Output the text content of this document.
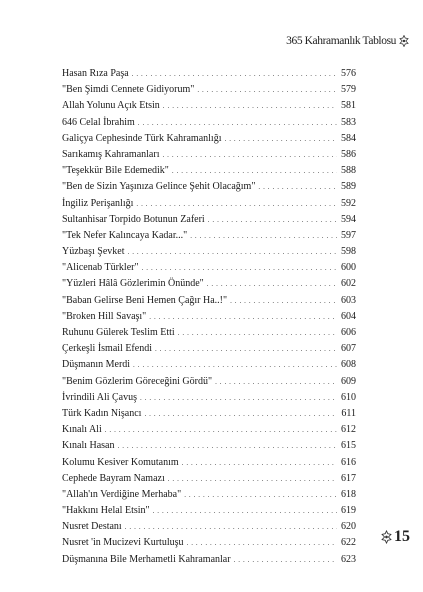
365 Kahramanlık Tablosu
Hasan Rıza Paşa . . .	576
"Ben Şimdi Cennete Gidiyorum" . . .	579
Allah Yolunu Açık Etsin . . .	581
646 Celal İbrahim . . .	583
Galiçya Cephesinde Türk Kahramanlığı . . .	584
Sarıkamış Kahramanları . . .	586
"Teşekkür Bile Edemedik" . . .	588
"Ben de Sizin Yaşınıza Gelince Şehit Olacağım" . . .	589
İngiliz Perişanlığı . . .	592
Sultanhisar Torpido Botunun Zaferi . . .	594
"Tek Nefer Kalıncaya Kadar..." . . .	597
Yüzbaşı Şevket . . .	598
"Alicenab Türkler" . . .	600
"Yüzleri Hâlâ Gözlerimin Önünde" . . .	602
"Baban Gelirse Beni Hemen Çağır Ha..!" . . .	603
"Broken Hill Savaşı" . . .	604
Ruhunu Gülerek Teslim Etti . . .	606
Çerkeşli İsmail Efendi . . .	607
Düşmanın Merdi . . .	608
"Benim Gözlerim Göreceğini Gördü" . . .	609
İvrindili Ali Çavuş . . .	610
Türk Kadın Nişancı . . .	611
Kınalı Ali . . .	612
Kınalı Hasan . . .	615
Kolumu Kesiver Komutanım . . .	616
Cephede Bayram Namazı . . .	617
"Allah'ın Verdiğine Merhaba" . . .	618
"Hakkını Helal Etsin" . . .	619
Nusret Destanı . . .	620
Nusret 'in Mucizevi Kurtuluşu . . .	622
Düşmanına Bile Merhametli Kahramanlar . . .	623
15
